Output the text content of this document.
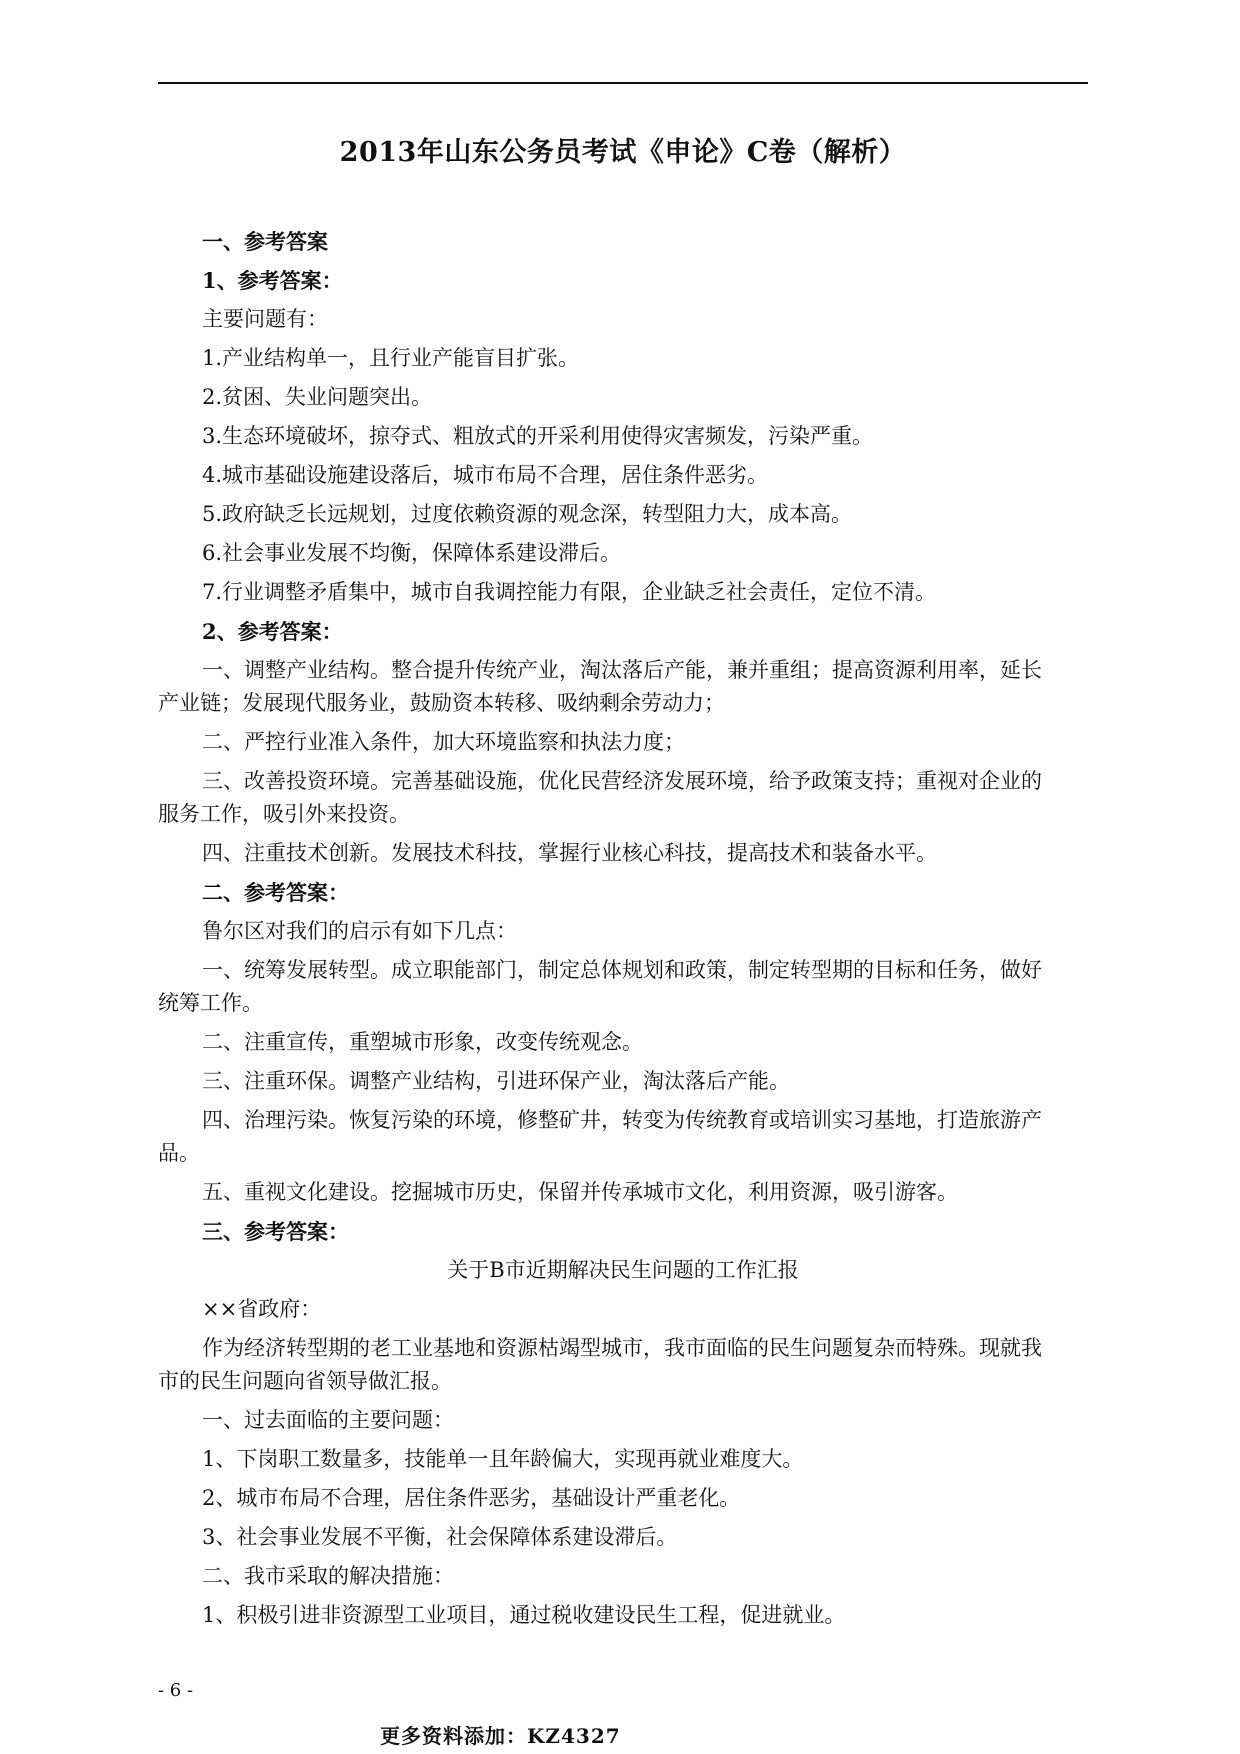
2013年山东公务员考试《申论》C卷（解析）
一、参考答案
1、参考答案：
主要问题有：
1.产业结构单一，且行业产能盲目扩张。
2.贫困、失业问题突出。
3.生态环境破坏，掠夺式、粗放式的开采利用使得灾害频发，污染严重。
4.城市基础设施建设落后，城市布局不合理，居住条件恶劣。
5.政府缺乏长远规划，过度依赖资源的观念深，转型阻力大，成本高。
6.社会事业发展不均衡，保障体系建设滞后。
7.行业调整矛盾集中，城市自我调控能力有限，企业缺乏社会责任，定位不清。
2、参考答案：
一、调整产业结构。整合提升传统产业，淘汰落后产能，兼并重组；提高资源利用率，延长
产业链；发展现代服务业，鼓励资本转移、吸纳剩余劳动力；
二、严控行业准入条件，加大环境监察和执法力度；
三、改善投资环境。完善基础设施，优化民营经济发展环境，给予政策支持；重视对企业的
服务工作，吸引外来投资。
四、注重技术创新。发展技术科技，掌握行业核心科技，提高技术和装备水平。
二、参考答案：
鲁尔区对我们的启示有如下几点：
一、统筹发展转型。成立职能部门，制定总体规划和政策，制定转型期的目标和任务，做好
统筹工作。
二、注重宣传，重塑城市形象，改变传统观念。
三、注重环保。调整产业结构，引进环保产业，淘汰落后产能。
四、治理污染。恢复污染的环境，修整矿井，转变为传统教育或培训实习基地，打造旅游产
品。
五、重视文化建设。挖掘城市历史，保留并传承城市文化，利用资源，吸引游客。
三、参考答案：
关于B市近期解决民生问题的工作汇报
××省政府：
作为经济转型期的老工业基地和资源枯竭型城市，我市面临的民生问题复杂而特殊。现就我
市的民生问题向省领导做汇报。
一、过去面临的主要问题：
1、下岗职工数量多，技能单一且年龄偏大，实现再就业难度大。
2、城市布局不合理，居住条件恶劣，基础设计严重老化。
3、社会事业发展不平衡，社会保障体系建设滞后。
二、我市采取的解决措施：
1、积极引进非资源型工业项目，通过税收建设民生工程，促进就业。
- 6 -
更多资料添加：KZ4327
